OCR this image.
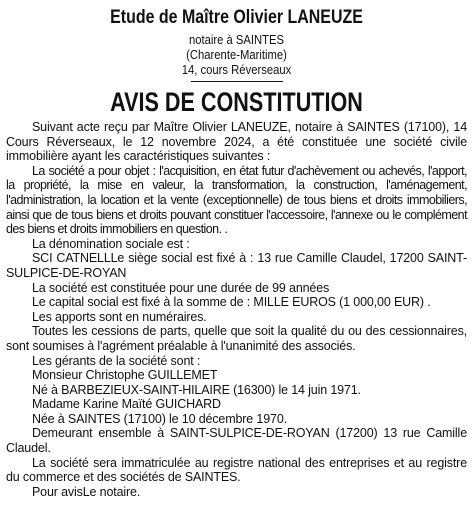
Etude de Maître Olivier LANEUZE
notaire à SAINTES
(Charente-Maritime)
14, cours Réverseaux
AVIS DE CONSTITUTION

Suivant acte reçu par Maître Olivier LANEUZE, notaire à SAINTES (17100), 14 Cours Réverseaux, le 12 novembre 2024, a été constituée une société civile immobilière ayant les caractéristiques suivantes :

La société a pour objet : l'acquisition, en état futur d'achèvement ou achevés, l'apport, la propriété, la mise en valeur, la transformation, la construction, l'aménagement, l'administration, la location et la vente (exceptionnelle) de tous biens et droits immobiliers, ainsi que de tous biens et droits pouvant constituer l'accessoire, l'annexe ou le complément des biens et droits immobiliers en question. .

La dénomination sociale est :

SCI CATNELLLe siège social est fixé à : 13 rue Camille Claudel, 17200 SAINT-SULPICE-DE-ROYAN

La société est constituée pour une durée de 99 années

Le capital social est fixé à la somme de : MILLE EUROS (1 000,00 EUR) .

Les apports sont en numéraires.

Toutes les cessions de parts, quelle que soit la qualité du ou des cessionnaires, sont soumises à l'agrément préalable à l'unanimité des associés.

Les gérants de la société sont :

Monsieur Christophe GUILLEMET

Né à BARBEZIEUX-SAINT-HILAIRE (16300) le 14 juin 1971.

Madame Karine Maïté GUICHARD

Née à SAINTES (17100) le 10 décembre 1970.

Demeurant ensemble à SAINT-SULPICE-DE-ROYAN (17200) 13 rue Camille Claudel.

La société sera immatriculée au registre national des entreprises et au registre du commerce et des sociétés de SAINTES.

Pour avisLe notaire.
